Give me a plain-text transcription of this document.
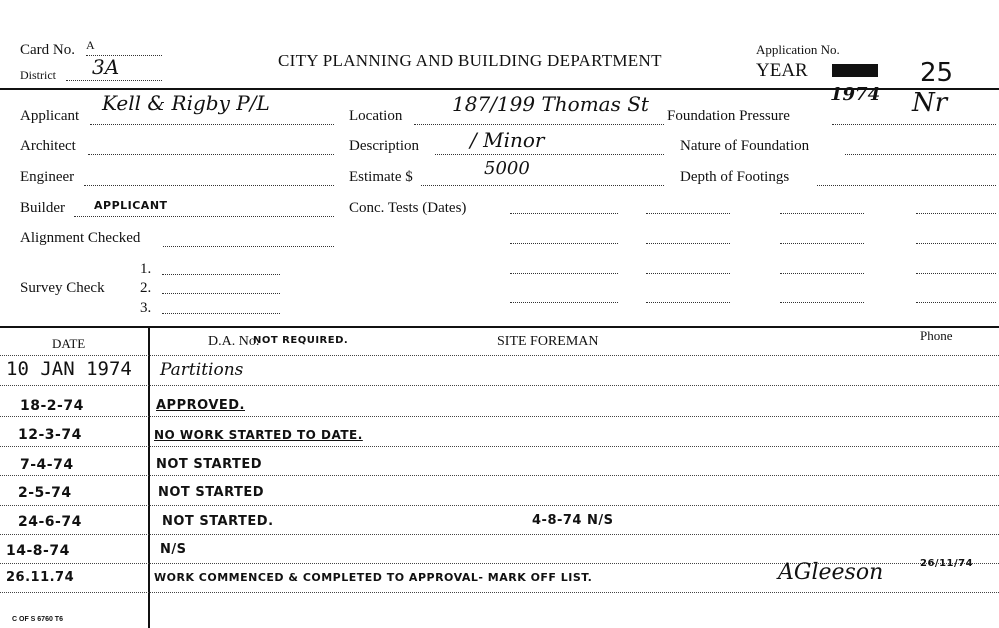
Card No. A
District 3A	CITY PLANNING AND BUILDING DEPARTMENT
Application No.
YEAR	25
Applicant
Kell & Rigby P/L
Architect
Engineer
Builder	APPLICANT
Alignment Checked
Survey Check
1.
2.
3.
Location 187/199 Thomas St
Description	/ Minor
Estimate $	5000
Conc. Tests (Dates)
Foundation Pressure
1974 Nr
Nature of Foundation
Depth of Footings
DATE	D.A. No.
NOT REQUIRED.	SITE FOREMAN	Phone
10 JAN 1974 Partitions
18-2-74	APPROVED.
12-3-74	NO WORK STARTED TO DATE.
7-4-74	NOT STARTED
2-5-74	NOT STARTED
24-6-74	NOT STARTED.	4-8-74 N/S
14-8-74	N/S
26.11.74	WORK COMMENCED & COMPLETED TO APPROVAL- MARK OFF LIST.	AGleeson	26/11/74
C OF S 6760 T6
